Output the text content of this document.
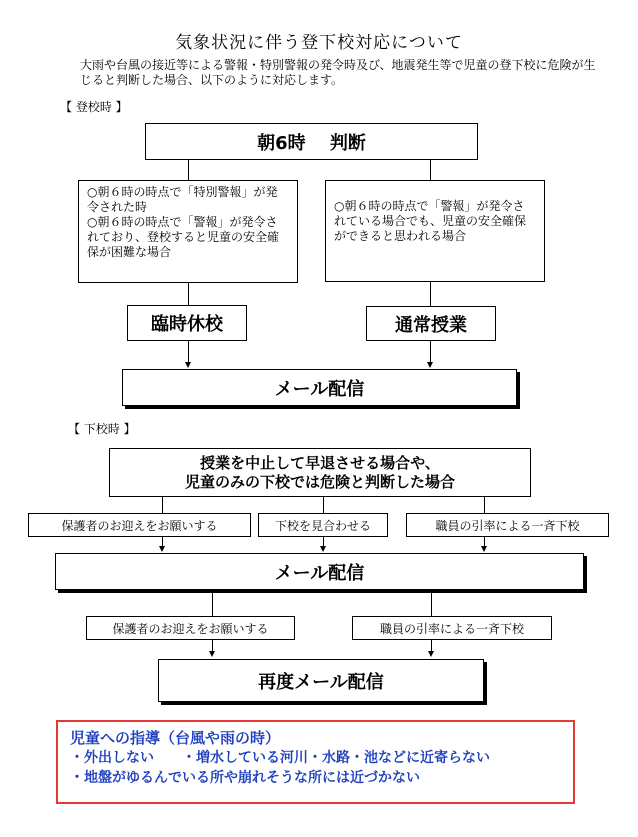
気象状況に伴う登下校対応について
大雨や台風の接近等による警報・特別警報の発令時及び、地震発生等で児童の登下校に危険が生じると判断した場合、以下のように対応します。
【 登校時 】
朝6時　 判断
○朝６時の時点で「特別警報」が発令された時
○朝６時の時点で「警報」が発令されており、登校すると児童の安全確保が困難な場合
○朝６時の時点で「警報」が発令されている場合でも、児童の安全確保ができると思われる場合
臨時休校	通常授業
メール配信
【 下校時 】
授業を中止して早退させる場合や、
児童のみの下校では危険と判断した場合
保護者のお迎えをお願いする	下校を見合わせる	職員の引率による一斉下校
メール配信
保護者のお迎えをお願いする	職員の引率による一斉下校
再度メール配信
児童への指導（台風や雨の時）
・外出しない　　・増水している河川・水路・池などに近寄らない
・地盤がゆるんでいる所や崩れそうな所には近づかない
